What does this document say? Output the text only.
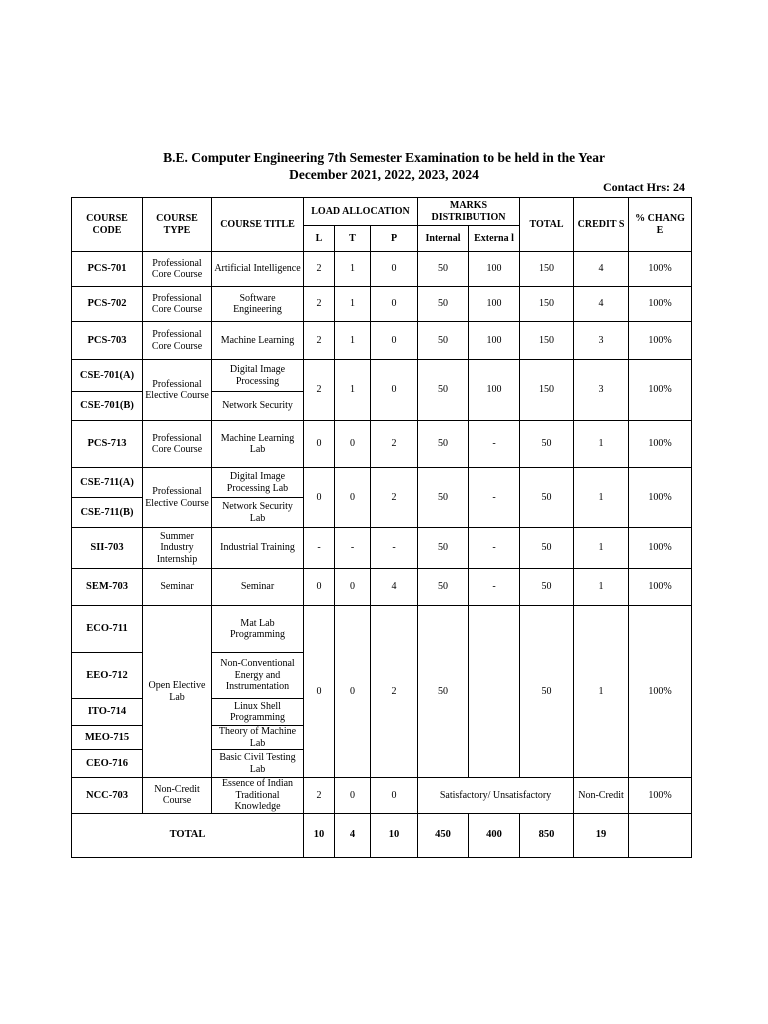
B.E. Computer Engineering 7th Semester Examination to be held in the Year
December 2021, 2022, 2023, 2024
Contact Hrs: 24
COURSE CODE	COURSE TYPE	COURSE TITLE	LOAD ALLOCATION			MARKS DISTRIBUTION		TOTAL	CREDIT S	% CHANG E
			L	T	P	Internal	Externa l			
PCS-701	Professional Core Course	Artificial Intelligence	2	1	0	50	100	150	4	100%
PCS-702	Professional Core Course	Software Engineering	2	1	0	50	100	150	4	100%
PCS-703	Professional Core Course	Machine Learning	2	1	0	50	100	150	3	100%
CSE-701(A)	Professional Elective Course	Digital Image Processing	2	1	0	50	100	150	3	100%
CSE-701(B)		Network Security								
PCS-713	Professional Core Course	Machine Learning Lab	0	0	2	50	-	50	1	100%
CSE-711(A)	Professional Elective Course	Digital Image Processing Lab	0	0	2	50	-	50	1	100%
CSE-711(B)		Network Security Lab								
SII-703	Summer Industry Internship	Industrial Training	-	-	-	50	-	50	1	100%
SEM-703	Seminar	Seminar	0	0	4	50	-	50	1	100%
ECO-711	Open Elective Lab	Mat Lab Programming	0	0	2	50		50	1	100%
EEO-712		Non-Conventional Energy and Instrumentation								
ITO-714		Linux Shell Programming								
MEO-715		Theory of Machine Lab								
CEO-716		Basic Civil Testing Lab								
NCC-703	Non-Credit Course	Essence of Indian Traditional Knowledge	2	0	0	Satisfactory/ Unsatisfactory			Non-Credit	100%
TOTAL			10	4	10	450	400	850	19	
